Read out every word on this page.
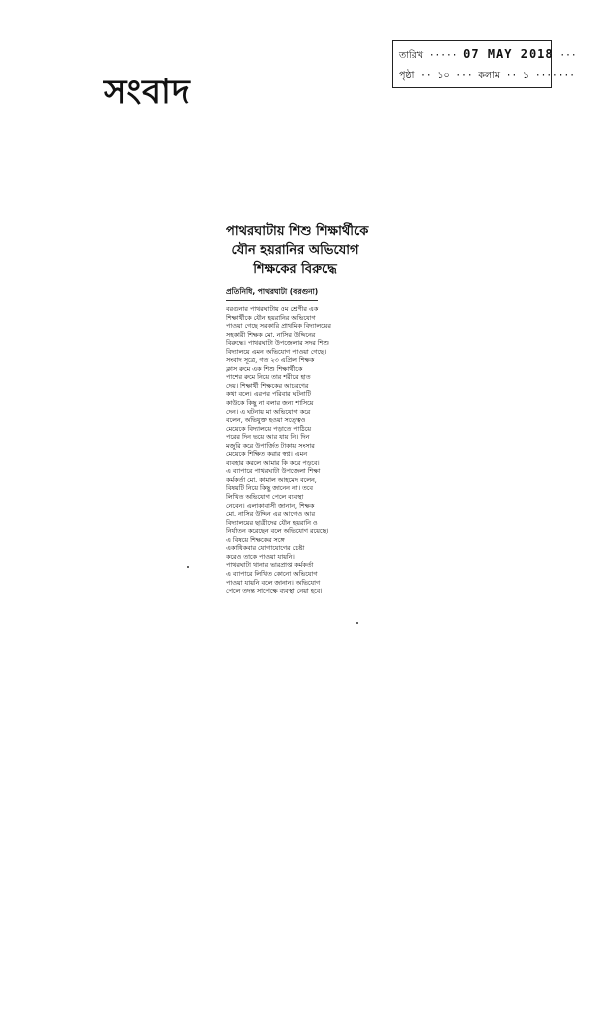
সংবাদ
তারিখ ····· 07 MAY 2018 ···
পৃষ্ঠা ·· ১০ ··· কলাম ·· ১ ·······
পাথরঘাটায় শিশু শিক্ষার্থীকে
যৌন হয়রানির অভিযোগ
শিক্ষকের বিরুদ্ধে
প্রতিনিধি, পাথরঘাটা (বরগুনা)
বরগুনার পাথরঘাটায় ৫ম শ্রেণীর এক
শিক্ষার্থীকে যৌন হয়রানির অভিযোগ
পাওয়া গেছে সরকারি প্রাথমিক বিদ্যালয়ের
সহকারী শিক্ষক মো. নাসির উদ্দিনের
বিরুদ্ধে। পাথরঘাটা উপজেলার সদর শিশু
বিদ্যালয়ে এমন অভিযোগ পাওয়া গেছে।
সংবাদ সূত্রে, গত ২৩ এপ্রিল শিক্ষক
ক্লাস রুমে এক শিশু শিক্ষার্থীকে
পাশের রুমে নিয়ে তার শরীরে হাত
দেয়। শিক্ষার্থী শিক্ষকের আচরণের
কথা বলে। এরপর পরিবার ঘটনাটি
কাউকে কিছু না বলার জন্য শাসিয়ে
দেন। এ ঘটনায় মা অভিযোগ করে
বলেন, অভিযুক্ত হওয়া সত্ত্বেও
মেয়েকে বিদ্যালয়ে পড়াতে পাঠিয়ে
পরের দিন ভয়ে আর যায় নি। দিন
মজুরি করে উপার্জিত টাকায় সংসার
মেয়েকে শিক্ষিত করার স্বপ্ন। এমন
ব্যবহার করলে আমার কি করে পড়বে।
এ ব্যাপারে পাথরঘাটা উপজেলা শিক্ষা
কর্মকর্তা মো. কামাল আহমেদ বলেন,
বিষয়টি নিয়ে কিছু জানেন না। তবে
লিখিত অভিযোগ পেলে ব্যবস্থা
নেবেন। এলাকাবাসী জানান, শিক্ষক
মো. নাসির উদ্দিন এর আগেও আর
বিদ্যালয়ের ছাত্রীদের যৌন হয়রানি ও
নির্যাতন করেছেন বলে অভিযোগ রয়েছে।
এ বিষয়ে শিক্ষকের সঙ্গে
একাধিকবার যোগাযোগের চেষ্টা
করেও তাকে পাওয়া যায়নি।
পাথরঘাটা থানার ভারপ্রাপ্ত কর্মকর্তা
এ ব্যাপারে লিখিত কোনো অভিযোগ
পাওয়া যায়নি বলে জানান। অভিযোগ
পেলে তদন্ত সাপেক্ষে ব্যবস্থা নেয়া হবে।
